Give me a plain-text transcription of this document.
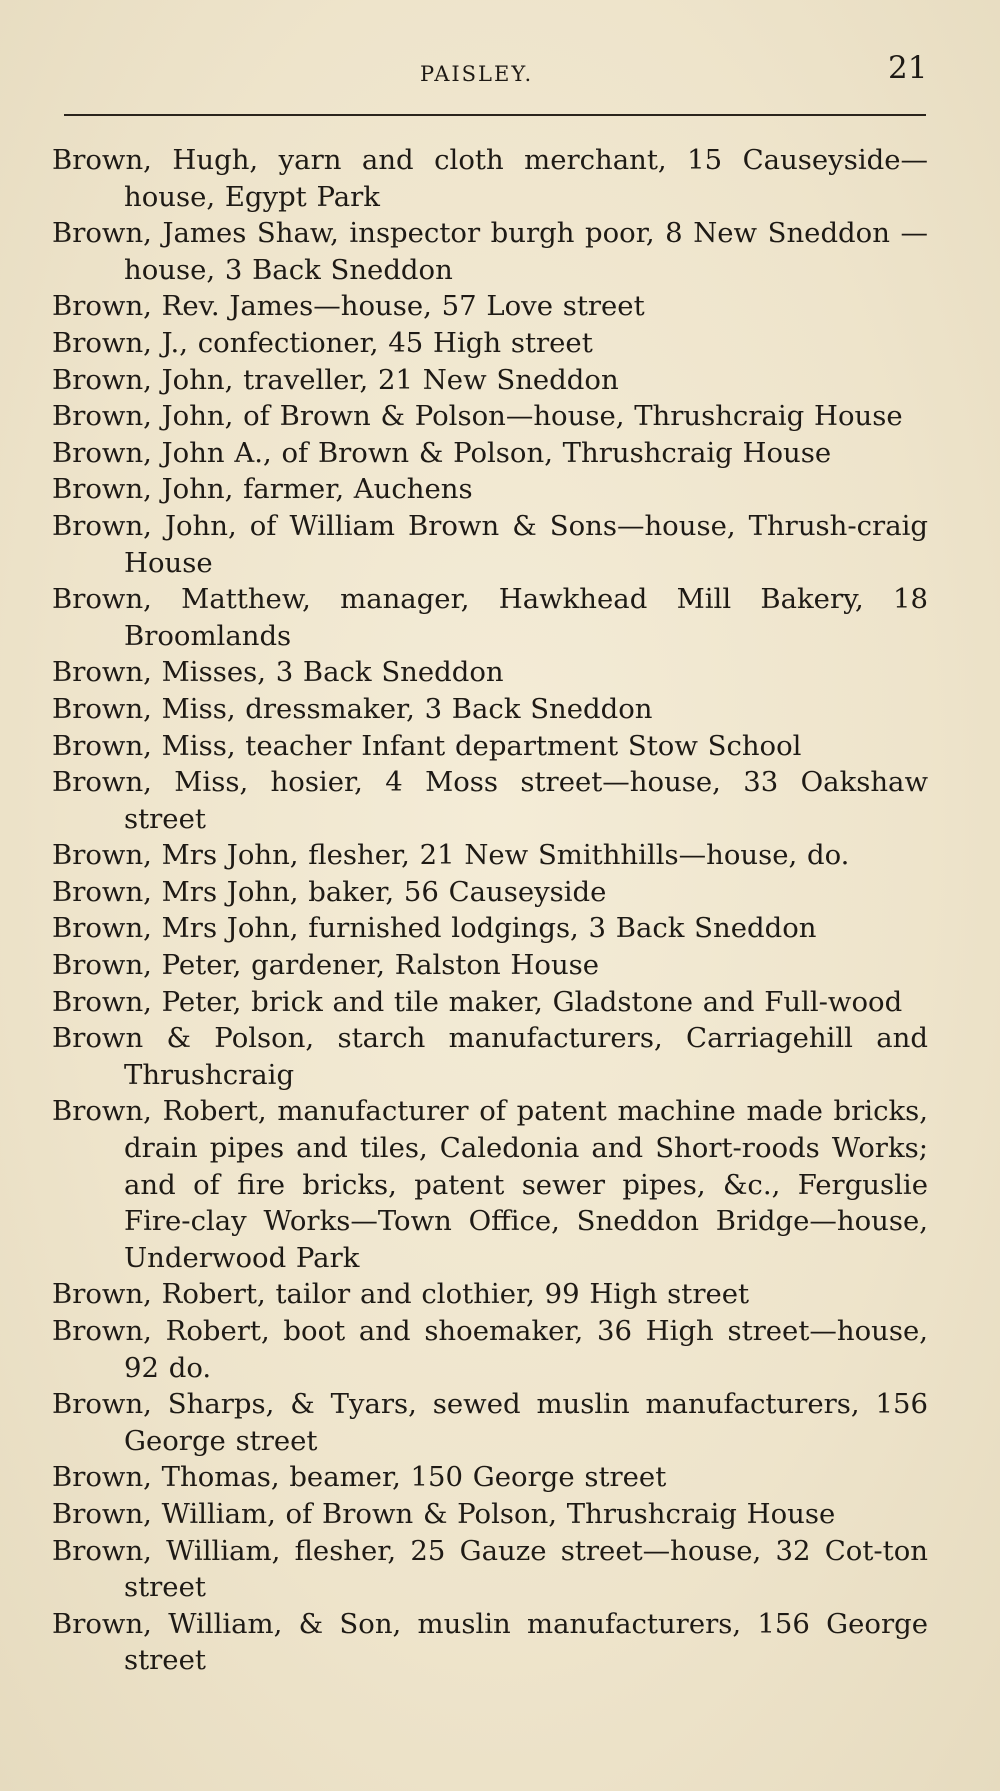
PAISLEY.	21
Brown, Hugh, yarn and cloth merchant, 15 Causeyside—house, Egypt Park
Brown, James Shaw, inspector burgh poor, 8 New Sneddon —house, 3 Back Sneddon
Brown, Rev. James—house, 57 Love street
Brown, J., confectioner, 45 High street
Brown, John, traveller, 21 New Sneddon
Brown, John, of Brown & Polson—house, Thrushcraig House
Brown, John A., of Brown & Polson, Thrushcraig House
Brown, John, farmer, Auchens
Brown, John, of William Brown & Sons—house, Thrush-craig House
Brown, Matthew, manager, Hawkhead Mill Bakery, 18 Broomlands
Brown, Misses, 3 Back Sneddon
Brown, Miss, dressmaker, 3 Back Sneddon
Brown, Miss, teacher Infant department Stow School
Brown, Miss, hosier, 4 Moss street—house, 33 Oakshaw street
Brown, Mrs John, flesher, 21 New Smithhills—house, do.
Brown, Mrs John, baker, 56 Causeyside
Brown, Mrs John, furnished lodgings, 3 Back Sneddon
Brown, Peter, gardener, Ralston House
Brown, Peter, brick and tile maker, Gladstone and Full-wood
Brown & Polson, starch manufacturers, Carriagehill and Thrushcraig
Brown, Robert, manufacturer of patent machine made bricks, drain pipes and tiles, Caledonia and Short-roods Works; and of fire bricks, patent sewer pipes, &c., Ferguslie Fire-clay Works—Town Office, Sneddon Bridge—house, Underwood Park
Brown, Robert, tailor and clothier, 99 High street
Brown, Robert, boot and shoemaker, 36 High street—house, 92 do.
Brown, Sharps, & Tyars, sewed muslin manufacturers, 156 George street
Brown, Thomas, beamer, 150 George street
Brown, William, of Brown & Polson, Thrushcraig House
Brown, William, flesher, 25 Gauze street—house, 32 Cot-ton street
Brown, William, & Son, muslin manufacturers, 156 George street
